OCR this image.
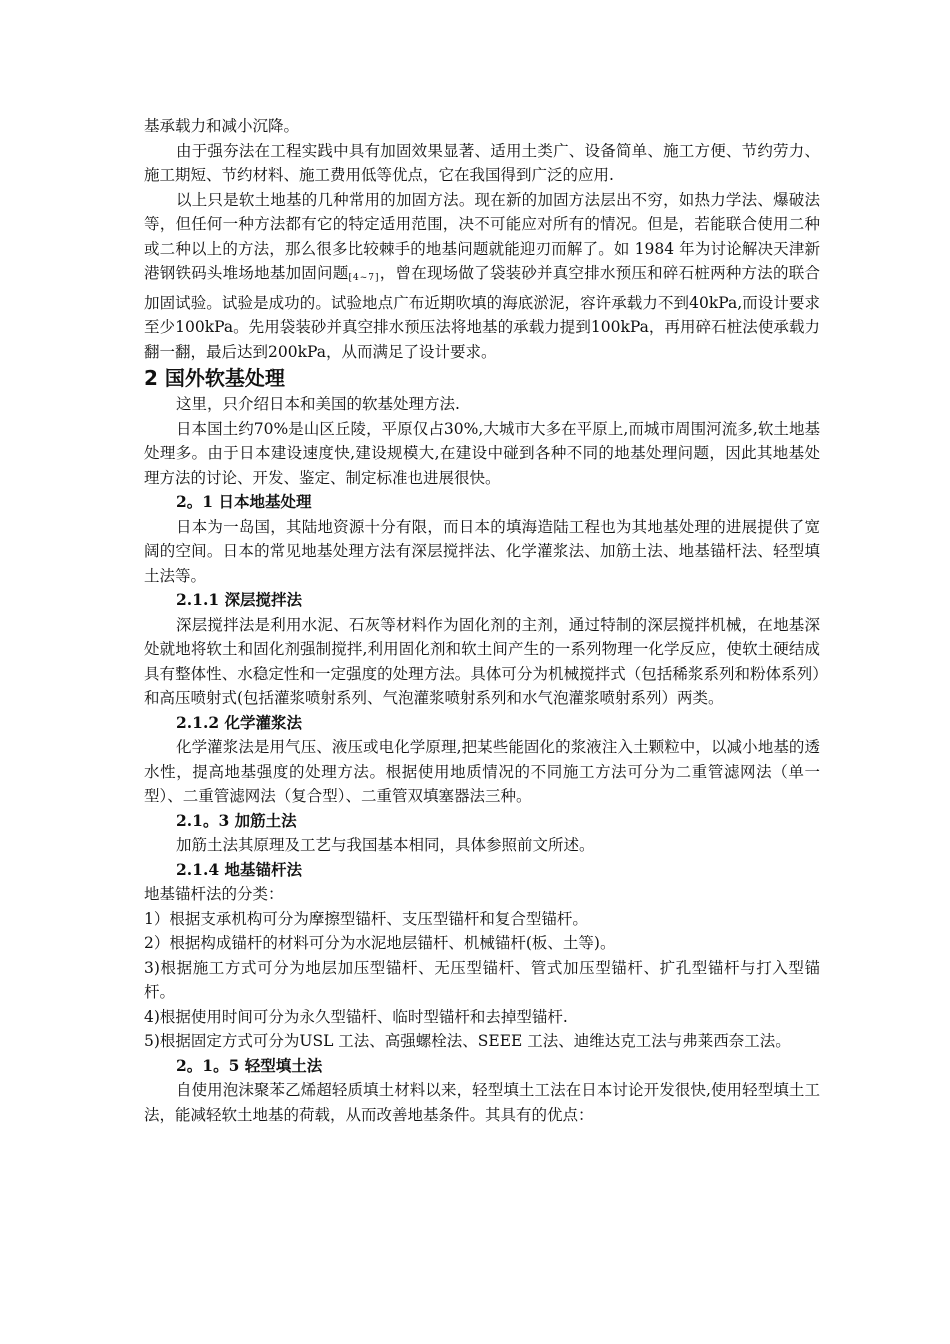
基承载力和减小沉降。

由于强夯法在工程实践中具有加固效果显著、适用土类广、设备简单、施工方便、节约劳力、施工期短、节约材料、施工费用低等优点，它在我国得到广泛的应用.

以上只是软土地基的几种常用的加固方法。现在新的加固方法层出不穷，如热力学法、爆破法等，但任何一种方法都有它的特定适用范围，决不可能应对所有的情况。但是，若能联合使用二种或二种以上的方法，那么很多比较棘手的地基问题就能迎刃而解了。如 1984 年为讨论解决天津新港钢铁码头堆场地基加固问题$_{[4\sim 7]}$，曾在现场做了袋装砂并真空排水预压和碎石桩两种方法的联合加固试验。试验是成功的。试验地点广布近期吹填的海底淤泥，容许承载力不到40kPa,而设计要求至少100kPa。先用袋装砂并真空排水预压法将地基的承载力提到100kPa，再用碎石桩法使承载力翻一翻，最后达到200kPa，从而满足了设计要求。

2 国外软基处理

这里，只介绍日本和美国的软基处理方法.

日本国土约70%是山区丘陵，平原仅占30%,大城市大多在平原上,而城市周围河流多,软土地基处理多。由于日本建设速度快,建设规模大,在建设中碰到各种不同的地基处理问题，因此其地基处理方法的讨论、开发、鉴定、制定标准也进展很快。

2。1 日本地基处理

日本为一岛国，其陆地资源十分有限，而日本的填海造陆工程也为其地基处理的进展提供了宽阔的空间。日本的常见地基处理方法有深层搅拌法、化学灌浆法、加筋土法、地基锚杆法、轻型填土法等。

2.1.1 深层搅拌法

深层搅拌法是利用水泥、石灰等材料作为固化剂的主剂，通过特制的深层搅拌机械，在地基深处就地将软土和固化剂强制搅拌,利用固化剂和软土间产生的一系列物理一化学反应，使软土硬结成具有整体性、水稳定性和一定强度的处理方法。具体可分为机械搅拌式（包括稀浆系列和粉体系列）和高压喷射式(包括灌浆喷射系列、气泡灌浆喷射系列和水气泡灌浆喷射系列）两类。

2.1.2 化学灌浆法

化学灌浆法是用气压、液压或电化学原理,把某些能固化的浆液注入土颗粒中，以减小地基的透水性，提高地基强度的处理方法。根据使用地质情况的不同施工方法可分为二重管滤网法（单一型）、二重管滤网法（复合型）、二重管双填塞器法三种。

2.1。3 加筋土法

加筋土法其原理及工艺与我国基本相同，具体参照前文所述。

2.1.4 地基锚杆法

地基锚杆法的分类：

1）根据支承机构可分为摩擦型锚杆、支压型锚杆和复合型锚杆。

2）根据构成锚杆的材料可分为水泥地层锚杆、机械锚杆(板、土等)。

3)根据施工方式可分为地层加压型锚杆、无压型锚杆、管式加压型锚杆、扩孔型锚杆与打入型锚杆。

4)根据使用时间可分为永久型锚杆、临时型锚杆和去掉型锚杆.

5)根据固定方式可分为USL 工法、高强螺栓法、SEEE 工法、迪维达克工法与弗莱西奈工法。

2。1。5 轻型填土法

自使用泡沫聚苯乙烯超轻质填土材料以来，轻型填土工法在日本讨论开发很快,使用轻型填土工法，能减轻软土地基的荷载，从而改善地基条件。其具有的优点：
